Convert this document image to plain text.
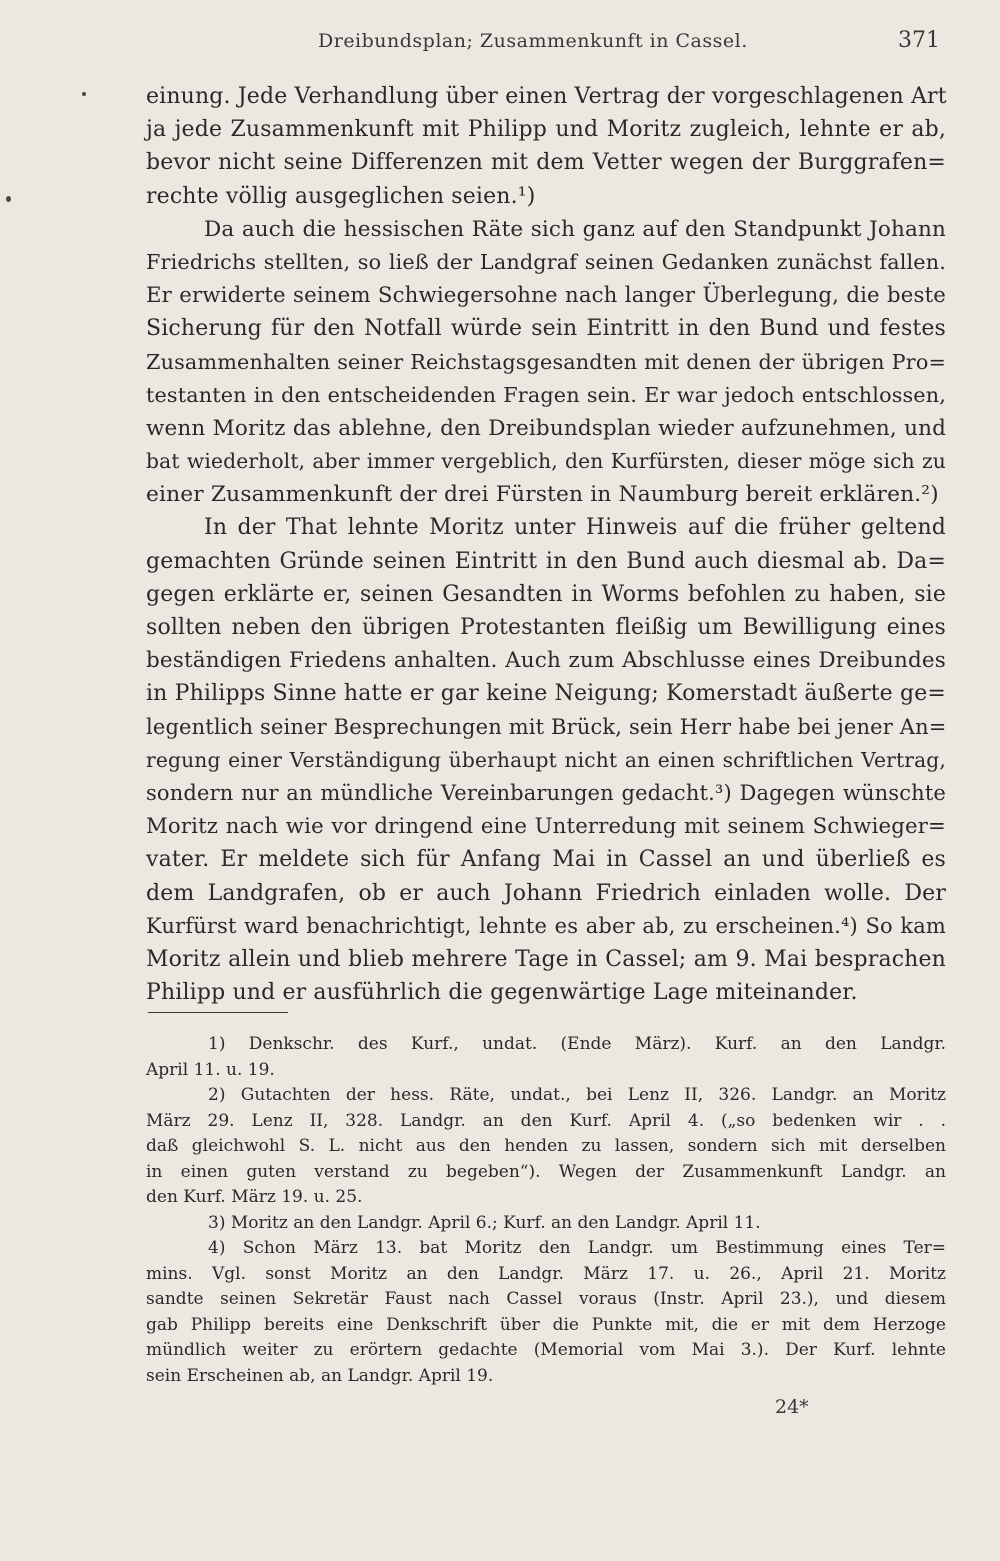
Dreibundsplan; Zusammenkunft in Cassel.	371
einung. Jede Verhandlung über einen Vertrag der vorgeschlagenen Art
ja jede Zusammenkunft mit Philipp und Moritz zugleich, lehnte er ab,
bevor nicht seine Differenzen mit dem Vetter wegen der Burggrafen=
rechte völlig ausgeglichen seien.¹)
Da auch die hessischen Räte sich ganz auf den Standpunkt Johann
Friedrichs stellten, so ließ der Landgraf seinen Gedanken zunächst fallen.
Er erwiderte seinem Schwiegersohne nach langer Überlegung, die beste
Sicherung für den Notfall würde sein Eintritt in den Bund und festes
Zusammenhalten seiner Reichstagsgesandten mit denen der übrigen Pro=
testanten in den entscheidenden Fragen sein. Er war jedoch entschlossen,
wenn Moritz das ablehne, den Dreibundsplan wieder aufzunehmen, und
bat wiederholt, aber immer vergeblich, den Kurfürsten, dieser möge sich zu
einer Zusammenkunft der drei Fürsten in Naumburg bereit erklären.²)
In der That lehnte Moritz unter Hinweis auf die früher geltend
gemachten Gründe seinen Eintritt in den Bund auch diesmal ab. Da=
gegen erklärte er, seinen Gesandten in Worms befohlen zu haben, sie
sollten neben den übrigen Protestanten fleißig um Bewilligung eines
beständigen Friedens anhalten. Auch zum Abschlusse eines Dreibundes
in Philipps Sinne hatte er gar keine Neigung; Komerstadt äußerte ge=
legentlich seiner Besprechungen mit Brück, sein Herr habe bei jener An=
regung einer Verständigung überhaupt nicht an einen schriftlichen Vertrag,
sondern nur an mündliche Vereinbarungen gedacht.³) Dagegen wünschte
Moritz nach wie vor dringend eine Unterredung mit seinem Schwieger=
vater. Er meldete sich für Anfang Mai in Cassel an und überließ es
dem Landgrafen, ob er auch Johann Friedrich einladen wolle. Der
Kurfürst ward benachrichtigt, lehnte es aber ab, zu erscheinen.⁴) So kam
Moritz allein und blieb mehrere Tage in Cassel; am 9. Mai besprachen
Philipp und er ausführlich die gegenwärtige Lage miteinander.
1) Denkschr. des Kurf., undat. (Ende März). Kurf. an den Landgr.
April 11. u. 19.
2) Gutachten der hess. Räte, undat., bei Lenz II, 326. Landgr. an Moritz
März 29. Lenz II, 328. Landgr. an den Kurf. April 4. („so bedenken wir . .
daß gleichwohl S. L. nicht aus den henden zu lassen, sondern sich mit derselben
in einen guten verstand zu begeben“). Wegen der Zusammenkunft Landgr. an
den Kurf. März 19. u. 25.
3) Moritz an den Landgr. April 6.; Kurf. an den Landgr. April 11.
4) Schon März 13. bat Moritz den Landgr. um Bestimmung eines Ter=
mins. Vgl. sonst Moritz an den Landgr. März 17. u. 26., April 21. Moritz
sandte seinen Sekretär Faust nach Cassel voraus (Instr. April 23.), und diesem
gab Philipp bereits eine Denkschrift über die Punkte mit, die er mit dem Herzoge
mündlich weiter zu erörtern gedachte (Memorial vom Mai 3.). Der Kurf. lehnte
sein Erscheinen ab, an Landgr. April 19.
24*
